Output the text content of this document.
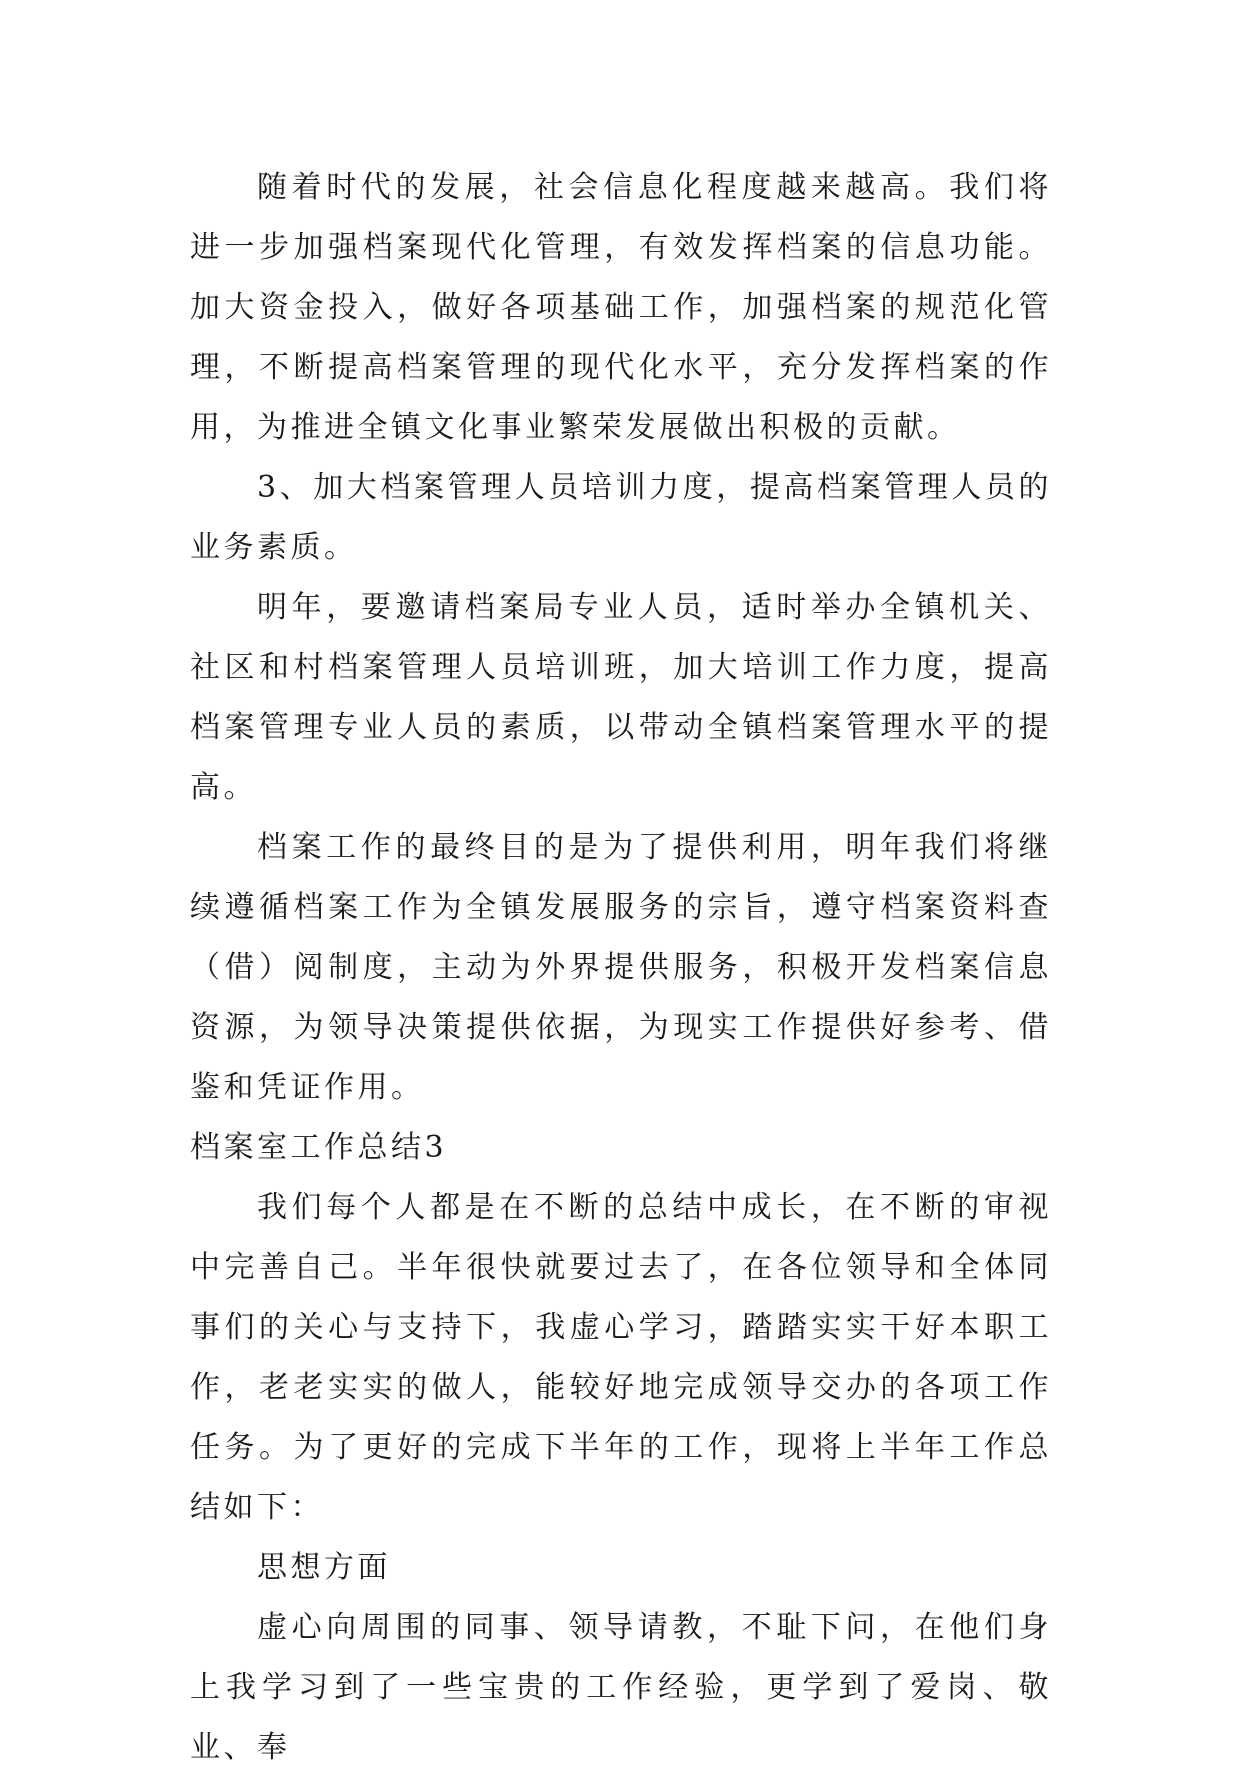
随着时代的发展，社会信息化程度越来越高。我们将进一步加强档案现代化管理，有效发挥档案的信息功能。加大资金投入，做好各项基础工作，加强档案的规范化管理，不断提高档案管理的现代化水平，充分发挥档案的作用，为推进全镇文化事业繁荣发展做出积极的贡献。

3、加大档案管理人员培训力度，提高档案管理人员的业务素质。

明年，要邀请档案局专业人员，适时举办全镇机关、社区和村档案管理人员培训班，加大培训工作力度，提高档案管理专业人员的素质，以带动全镇档案管理水平的提高。

档案工作的最终目的是为了提供利用，明年我们将继续遵循档案工作为全镇发展服务的宗旨，遵守档案资料查（借）阅制度，主动为外界提供服务，积极开发档案信息资源，为领导决策提供依据，为现实工作提供好参考、借鉴和凭证作用。

档案室工作总结3

我们每个人都是在不断的总结中成长，在不断的审视中完善自己。半年很快就要过去了，在各位领导和全体同事们的关心与支持下，我虚心学习，踏踏实实干好本职工作，老老实实的做人，能较好地完成领导交办的各项工作任务。为了更好的完成下半年的工作，现将上半年工作总结如下：

思想方面

虚心向周围的同事、领导请教，不耻下问，在他们身上我学习到了一些宝贵的工作经验，更学到了爱岗、敬业、奉
